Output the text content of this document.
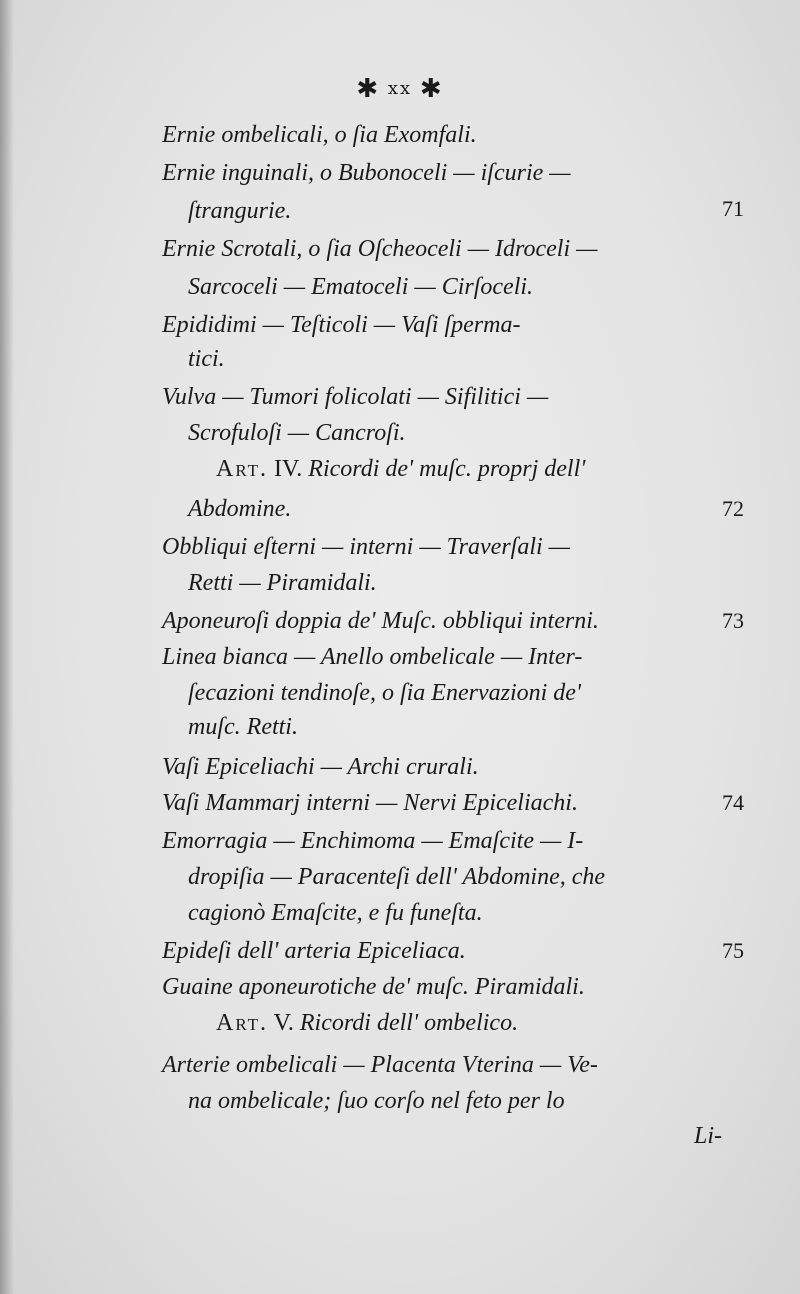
✱ xx ✱
Ernie ombelicali, o ſia Exomfali.
Ernie inguinali, o Bubonoceli — iſcurie —
ſtrangurie.
Ernie Scrotali, o ſia Oſcheoceli — Idroceli —
Sarcoceli — Ematoceli — Cirſoceli.
Epididimi — Teſticoli — Vaſi ſperma-
tici.
Vulva — Tumori folicolati — Sifilitici —
Scrofuloſi — Cancroſi.
Art. IV. Ricordi de' muſc. proprj dell'
Abdomine.
Obbliqui eſterni — interni — Traverſali —
Retti — Piramidali.
Aponeuroſi doppia de' Muſc. obbliqui interni.
Linea bianca — Anello ombelicale — Inter-
ſecazioni tendinoſe, o ſia Enervazioni de'
muſc. Retti.
Vaſi Epiceliachi — Archi crurali.
Vaſi Mammarj interni — Nervi Epiceliachi.
Emorragia — Enchimoma — Emaſcite — I-
dropiſia — Paracenteſi dell' Abdomine, che
cagionò Emaſcite, e fu funeſta.
Epideſi dell' arteria Epiceliaca.
Guaine aponeurotiche de' muſc. Piramidali.
Art. V. Ricordi dell' ombelico.
Arterie ombelicali — Placenta Vterina — Ve-
na ombelicale; ſuo corſo nel feto per lo
71
72
73
74
75
Li-
